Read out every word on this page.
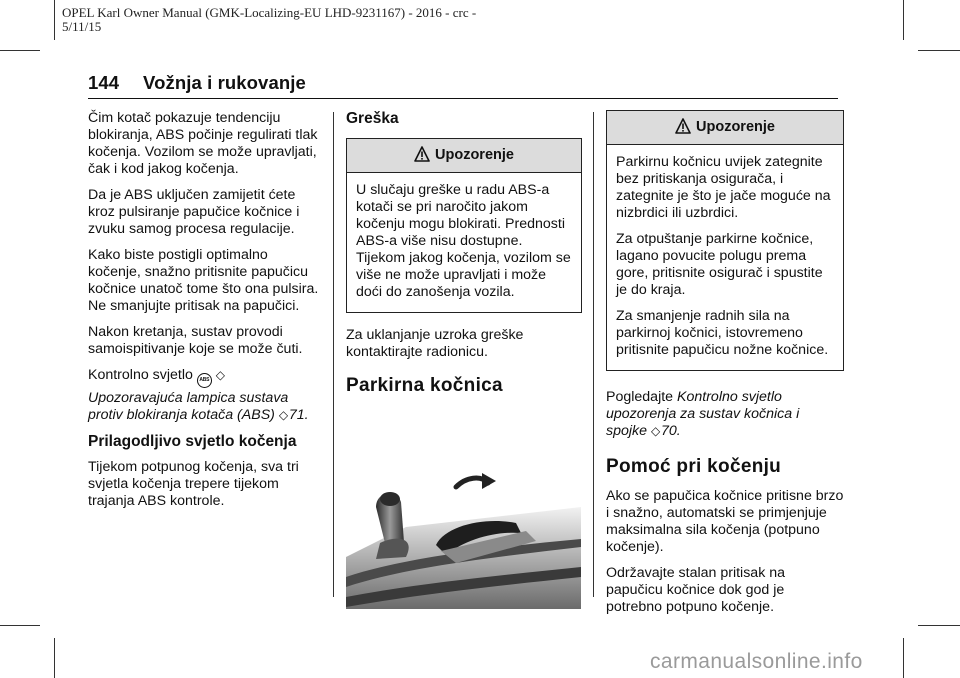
OPEL Karl Owner Manual (GMK-Localizing-EU LHD-9231167) - 2016 - crc -
5/11/15
144 Vožnja i rukovanje

Čim kotač pokazuje tendenciju blokiranja, ABS počinje regulirati tlak kočenja. Vozilom se može upravljati, čak i kod jakog kočenja.

Da je ABS uključen zamijetit ćete kroz pulsiranje papučice kočnice i zvuku samog procesa regulacije.

Kako biste postigli optimalno kočenje, snažno pritisnite papučicu kočnice unatoč tome što ona pulsira. Ne smanjujte pritisak na papučici.

Nakon kretanja, sustav provodi samoispitivanje koje se može čuti.

Kontrolno svjetlo ABS ◇

Upozoravajuća lampica sustava protiv blokiranja kotača (ABS) ◇71.

Prilagodljivo svjetlo kočenja

Tijekom potpunog kočenja, sva tri svjetla kočenja trepere tijekom trajanja ABS kontrole.

Greška
Upozorenje

U slučaju greške u radu ABS-a kotači se pri naročito jakom kočenju mogu blokirati. Prednosti ABS-a više nisu dostupne. Tijekom jakog kočenja, vozilom se više ne može upravljati i može doći do zanošenja vozila.

Za uklanjanje uzroka greške kontaktirajte radionicu.

Parkirna kočnica
Upozorenje

Parkirnu kočnicu uvijek zategnite bez pritiskanja osigurača, i zategnite je što je jače moguće na nizbrdici ili uzbrdici.

Za otpuštanje parkirne kočnice, lagano povucite polugu prema gore, pritisnite osigurač i spustite je do kraja.

Za smanjenje radnih sila na parkirnoj kočnici, istovremeno pritisnite papučicu nožne kočnice.

Pogledajte Kontrolno svjetlo upozorenja za sustav kočnica i spojke ◇70.

Pomoć pri kočenju

Ako se papučica kočnice pritisne brzo i snažno, automatski se primjenjuje maksimalna sila kočenja (potpuno kočenje).

Održavajte stalan pritisak na papučicu kočnice dok god je potrebno potpuno kočenje.

carmanualsonline.info
